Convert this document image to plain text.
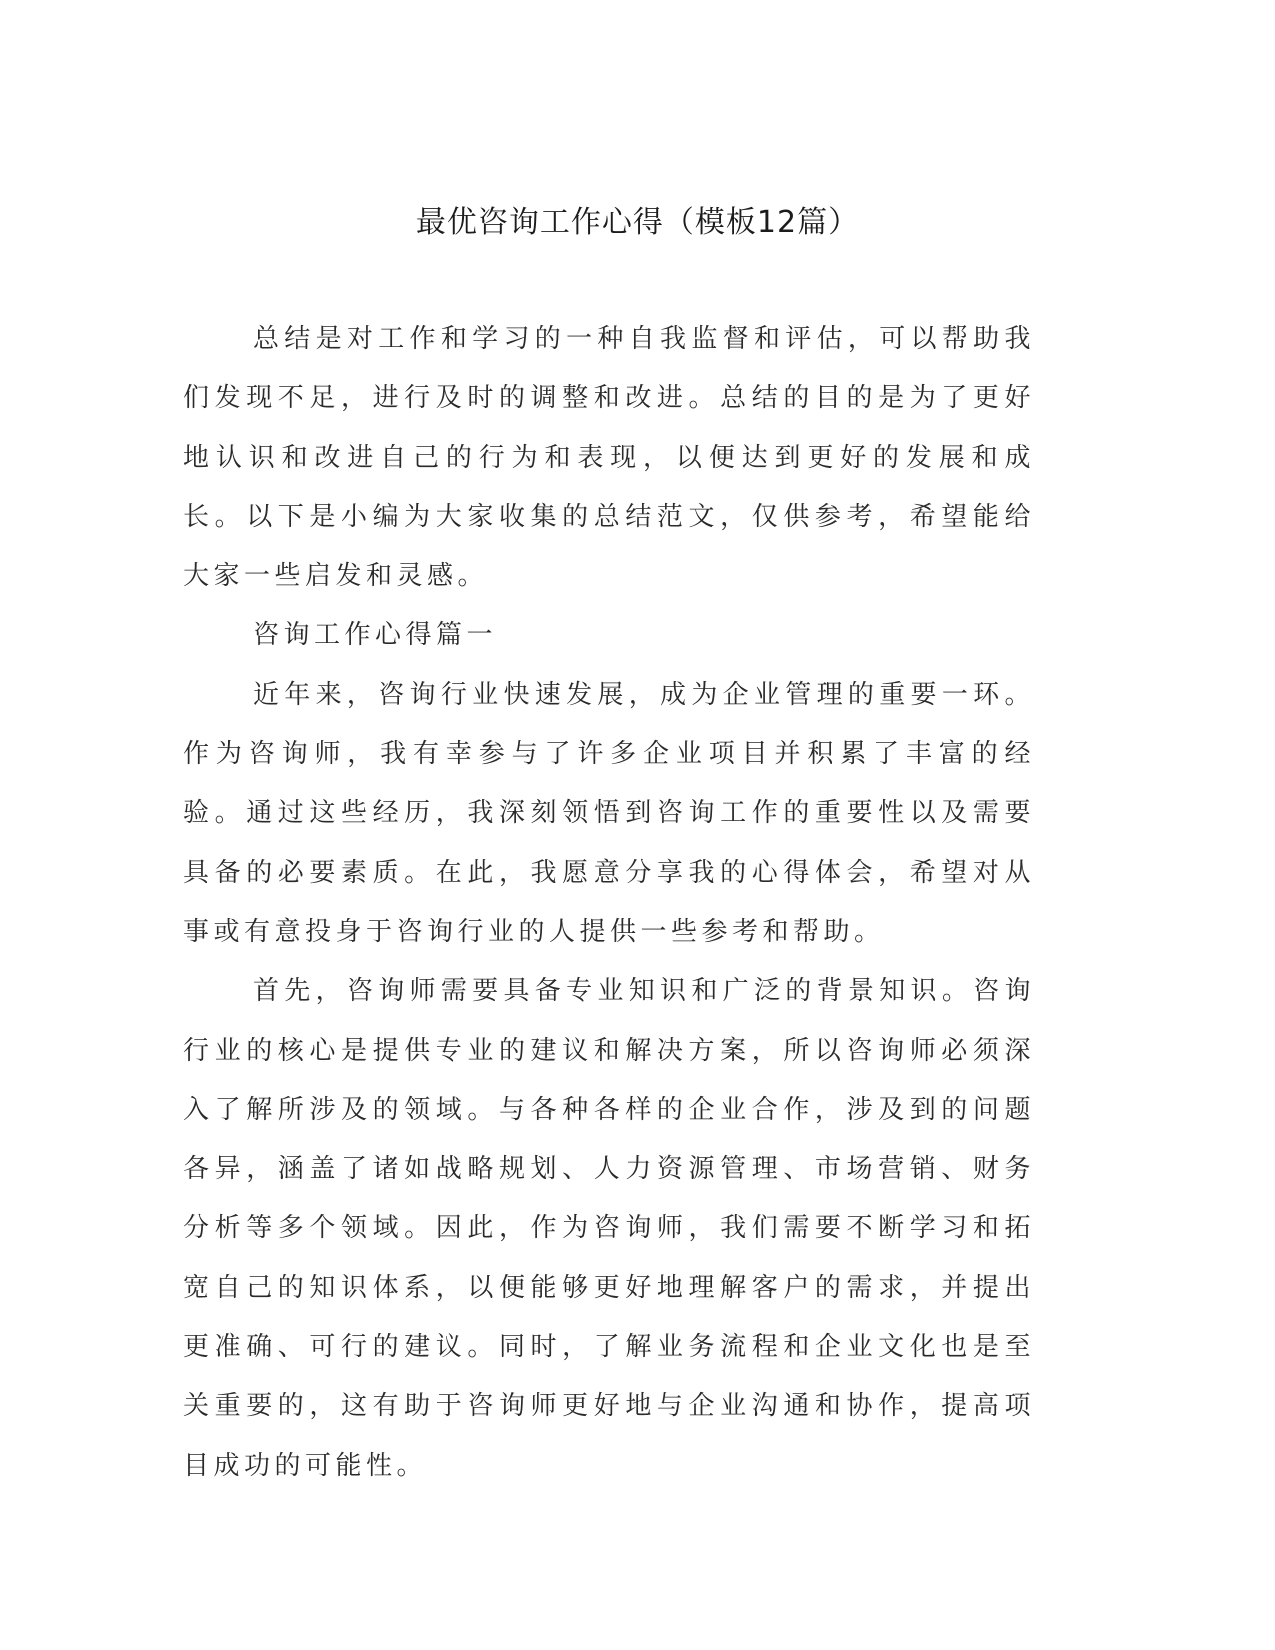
最优咨询工作心得（模板12篇）

总结是对工作和学习的一种自我监督和评估，可以帮助我们发现不足，进行及时的调整和改进。总结的目的是为了更好地认识和改进自己的行为和表现，以便达到更好的发展和成长。以下是小编为大家收集的总结范文，仅供参考，希望能给大家一些启发和灵感。

咨询工作心得篇一

近年来，咨询行业快速发展，成为企业管理的重要一环。作为咨询师，我有幸参与了许多企业项目并积累了丰富的经验。通过这些经历，我深刻领悟到咨询工作的重要性以及需要具备的必要素质。在此，我愿意分享我的心得体会，希望对从事或有意投身于咨询行业的人提供一些参考和帮助。

首先，咨询师需要具备专业知识和广泛的背景知识。咨询行业的核心是提供专业的建议和解决方案，所以咨询师必须深入了解所涉及的领域。与各种各样的企业合作，涉及到的问题各异，涵盖了诸如战略规划、人力资源管理、市场营销、财务分析等多个领域。因此，作为咨询师，我们需要不断学习和拓宽自己的知识体系，以便能够更好地理解客户的需求，并提出更准确、可行的建议。同时，了解业务流程和企业文化也是至关重要的，这有助于咨询师更好地与企业沟通和协作，提高项目成功的可能性。
